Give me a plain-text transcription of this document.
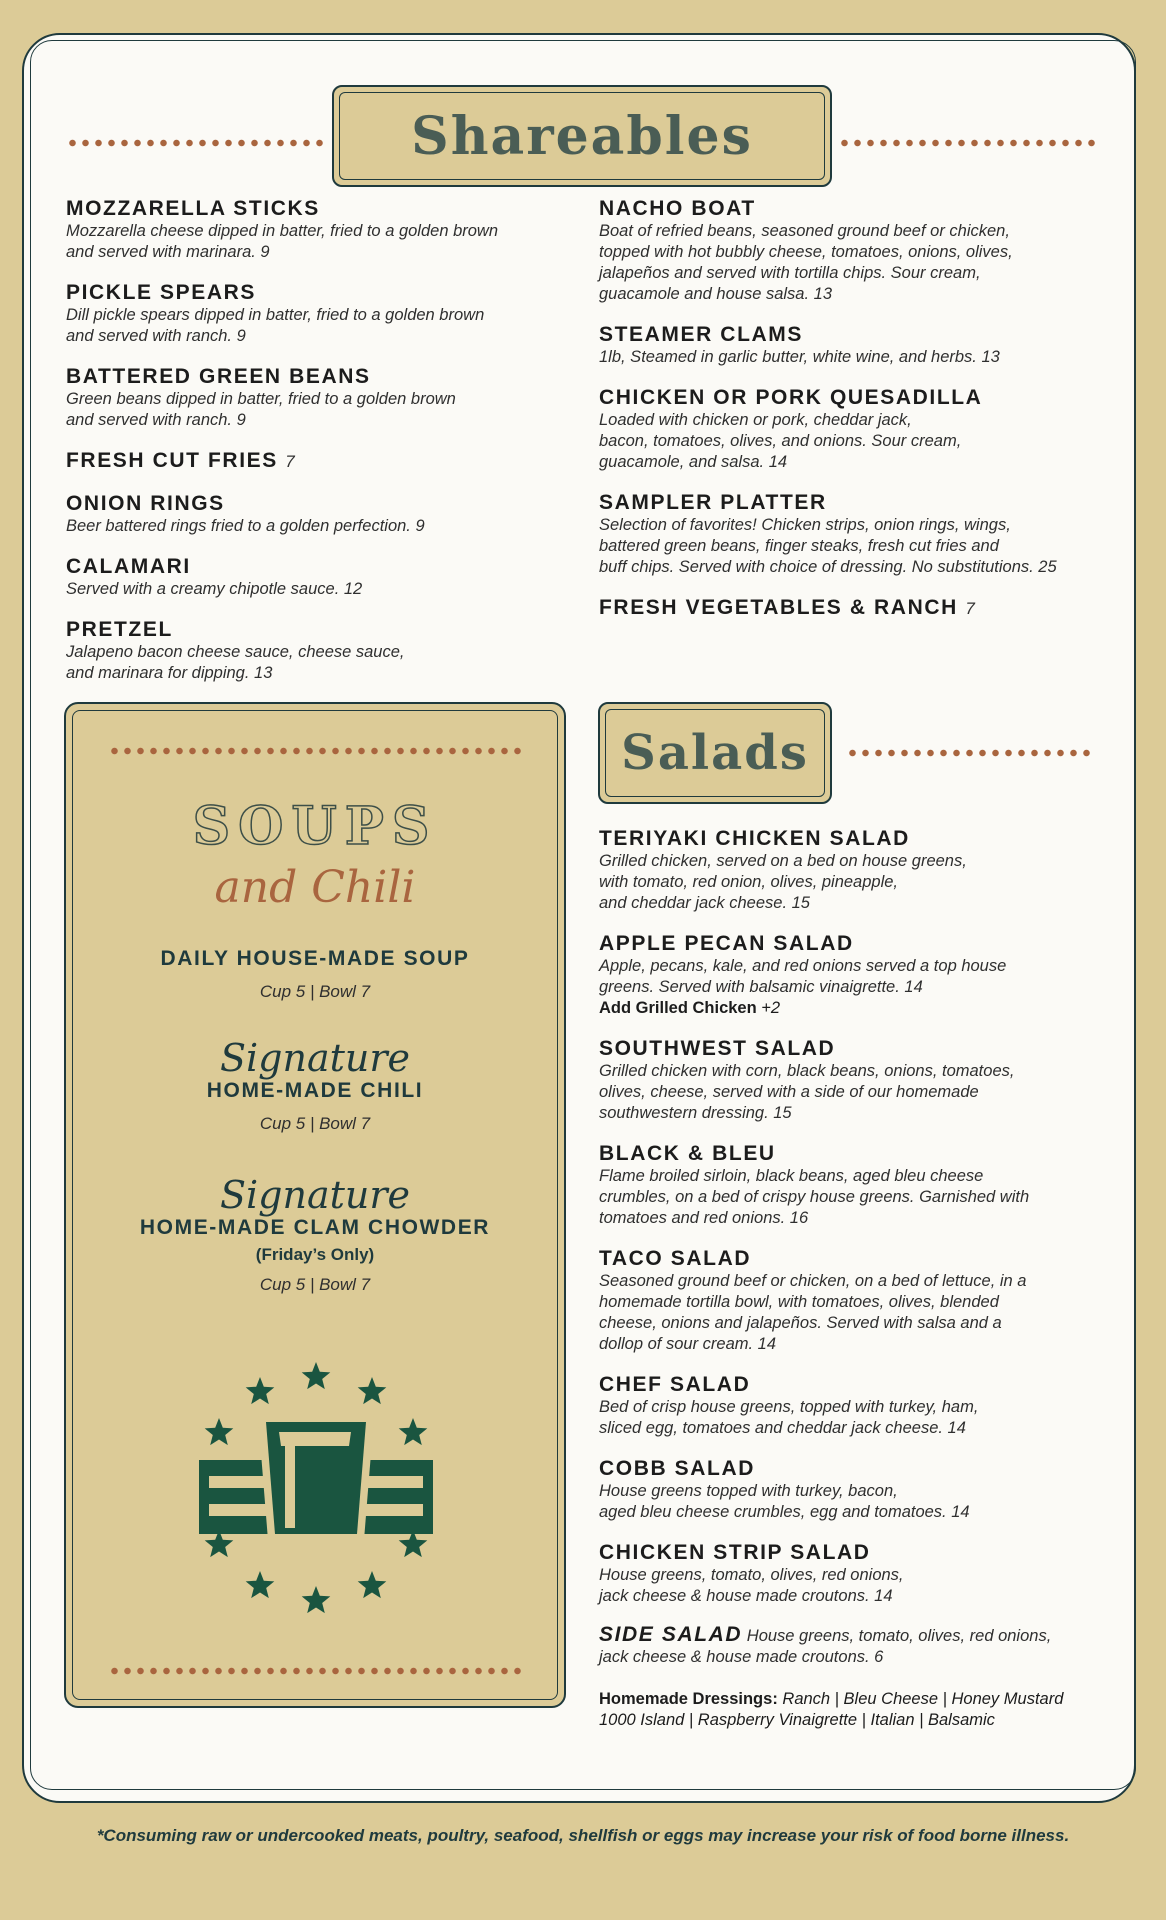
Shareables
MOZZARELLA STICKS
Mozzarella cheese dipped in batter, fried to a golden brown
and served with marinara. 9
PICKLE SPEARS
Dill pickle spears dipped in batter, fried to a golden brown
and served with ranch. 9
BATTERED GREEN BEANS
Green beans dipped in batter, fried to a golden brown
and served with ranch. 9
FRESH CUT FRIES 7
ONION RINGS
Beer battered rings fried to a golden perfection. 9
CALAMARI
Served with a creamy chipotle sauce. 12
PRETZEL
Jalapeno bacon cheese sauce, cheese sauce,
and marinara for dipping. 13
NACHO BOAT
Boat of refried beans, seasoned ground beef or chicken,
topped with hot bubbly cheese, tomatoes, onions, olives,
jalapeños and served with tortilla chips. Sour cream,
guacamole and house salsa. 13
STEAMER CLAMS
1lb, Steamed in garlic butter, white wine, and herbs. 13
CHICKEN OR PORK QUESADILLA
Loaded with chicken or pork, cheddar jack,
bacon, tomatoes, olives, and onions. Sour cream,
guacamole, and salsa. 14
SAMPLER PLATTER
Selection of favorites! Chicken strips, onion rings, wings,
battered green beans, finger steaks, fresh cut fries and
buff chips. Served with choice of dressing. No substitutions. 25
FRESH VEGETABLES & RANCH 7
SOUPS
and Chili
DAILY HOUSE-MADE SOUP
Cup 5 | Bowl 7
Signature
HOME-MADE CHILI
Cup 5 | Bowl 7
Signature
HOME-MADE CLAM CHOWDER
(Friday’s Only)
Cup 5 | Bowl 7
Salads
TERIYAKI CHICKEN SALAD
Grilled chicken, served on a bed on house greens,
with tomato, red onion, olives, pineapple,
and cheddar jack cheese. 15
APPLE PECAN SALAD
Apple, pecans, kale, and red onions served a top house
greens. Served with balsamic vinaigrette. 14
Add Grilled Chicken +2
SOUTHWEST SALAD
Grilled chicken with corn, black beans, onions, tomatoes,
olives, cheese, served with a side of our homemade
southwestern dressing. 15
BLACK & BLEU
Flame broiled sirloin, black beans, aged bleu cheese
crumbles, on a bed of crispy house greens. Garnished with
tomatoes and red onions. 16
TACO SALAD
Seasoned ground beef or chicken, on a bed of lettuce, in a
homemade tortilla bowl, with tomatoes, olives, blended
cheese, onions and jalapeños. Served with salsa and a
dollop of sour cream. 14
CHEF SALAD
Bed of crisp house greens, topped with turkey, ham,
sliced egg, tomatoes and cheddar jack cheese. 14
COBB SALAD
House greens topped with turkey, bacon,
aged bleu cheese crumbles, egg and tomatoes. 14
CHICKEN STRIP SALAD
House greens, tomato, olives, red onions,
jack cheese & house made croutons. 14
SIDE SALAD House greens, tomato, olives, red onions,
jack cheese & house made croutons. 6
Homemade Dressings: Ranch | Bleu Cheese | Honey Mustard
1000 Island | Raspberry Vinaigrette | Italian | Balsamic
*Consuming raw or undercooked meats, poultry, seafood, shellfish or eggs may increase your risk of food borne illness.
